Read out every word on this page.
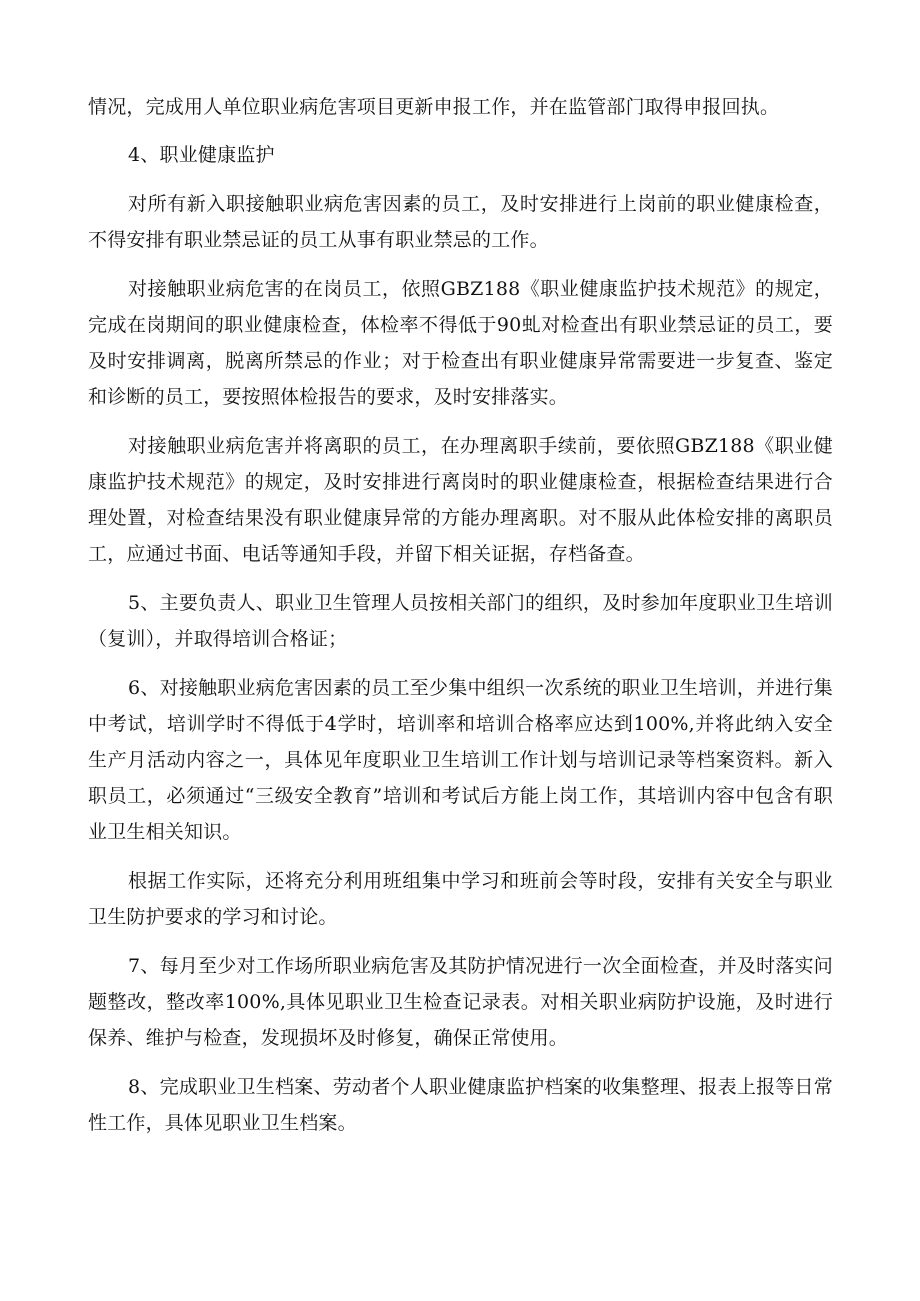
情况，完成用人单位职业病危害项目更新申报工作，并在监管部门取得申报回执。

4、职业健康监护

对所有新入职接触职业病危害因素的员工，及时安排进行上岗前的职业健康检查，不得安排有职业禁忌证的员工从事有职业禁忌的工作。

对接触职业病危害的在岗员工，依照GBZ188《职业健康监护技术规范》的规定，完成在岗期间的职业健康检查，体检率不得低于90虬对检查出有职业禁忌证的员工，要及时安排调离，脱离所禁忌的作业；对于检查出有职业健康异常需要进一步复查、鉴定和诊断的员工，要按照体检报告的要求，及时安排落实。

对接触职业病危害并将离职的员工，在办理离职手续前，要依照GBZ188《职业健康监护技术规范》的规定，及时安排进行离岗时的职业健康检查，根据检查结果进行合理处置，对检查结果没有职业健康异常的方能办理离职。对不服从此体检安排的离职员工，应通过书面、电话等通知手段，并留下相关证据，存档备查。

5、主要负责人、职业卫生管理人员按相关部门的组织，及时参加年度职业卫生培训（复训），并取得培训合格证；

6、对接触职业病危害因素的员工至少集中组织一次系统的职业卫生培训，并进行集中考试，培训学时不得低于4学时，培训率和培训合格率应达到100%,并将此纳入安全生产月活动内容之一，具体见年度职业卫生培训工作计划与培训记录等档案资料。新入职员工，必须通过“三级安全教育”培训和考试后方能上岗工作，其培训内容中包含有职业卫生相关知识。

根据工作实际，还将充分利用班组集中学习和班前会等时段，安排有关安全与职业卫生防护要求的学习和讨论。

7、每月至少对工作场所职业病危害及其防护情况进行一次全面检查，并及时落实问题整改，整改率100%,具体见职业卫生检查记录表。对相关职业病防护设施，及时进行保养、维护与检查，发现损坏及时修复，确保正常使用。

8、完成职业卫生档案、劳动者个人职业健康监护档案的收集整理、报表上报等日常性工作，具体见职业卫生档案。
